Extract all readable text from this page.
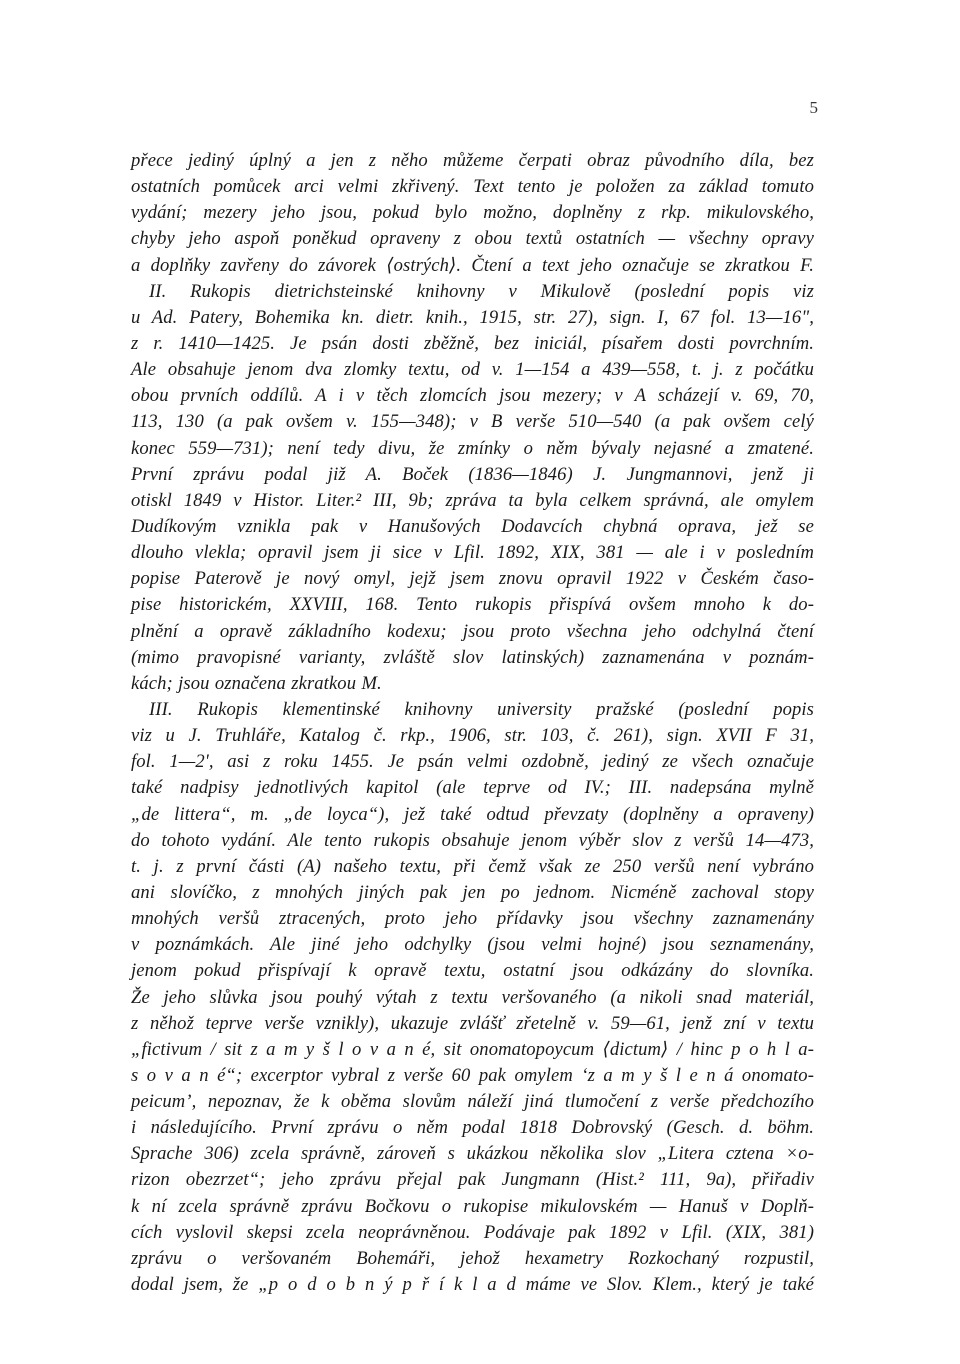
5
přece jediný úplný a jen z něho můžeme čerpati obraz původního díla, bez
ostatních pomůcek arci velmi zkřivený. Text tento je položen za základ tomuto
vydání; mezery jeho jsou, pokud bylo možno, doplněny z rkp. mikulovského,
chyby jeho aspoň poněkud opraveny z obou textů ostatních — všechny opravy
a doplňky zavřeny do závorek ⟨ostrých⟩. Čtení a text jeho označuje se zkratkou F.
II. Rukopis dietrichsteinské knihovny v Mikulově (poslední popis viz
u Ad. Patery, Bohemika kn. dietr. knih., 1915, str. 27), sign. I, 67 fol. 13—16",
z r. 1410—1425. Je psán dosti zběžně, bez iniciál, písařem dosti povrchním.
Ale obsahuje jenom dva zlomky textu, od v. 1—154 a 439—558, t. j. z počátku
obou prvních oddílů. A i v těch zlomcích jsou mezery; v A scházejí v. 69, 70,
113, 130 (a pak ovšem v. 155—348); v B verše 510—540 (a pak ovšem celý
konec 559—731); není tedy divu, že zmínky o něm bývaly nejasné a zmatené.
První zprávu podal již A. Boček (1836—1846) J. Jungmannovi, jenž ji
otiskl 1849 v Histor. Liter.² III, 9b; zpráva ta byla celkem správná, ale omylem
Dudíkovým vznikla pak v Hanušových Dodavcích chybná oprava, jež se
dlouho vlekla; opravil jsem ji sice v Lfil. 1892, XIX, 381 — ale i v posledním
popise Paterově je nový omyl, jejž jsem znovu opravil 1922 v Českém časo-
pise historickém, XXVIII, 168. Tento rukopis přispívá ovšem mnoho k do-
plnění a opravě základního kodexu; jsou proto všechna jeho odchylná čtení
(mimo pravopisné varianty, zvláště slov latinských) zaznamenána v poznám-
kách; jsou označena zkratkou M.
III. Rukopis klementinské knihovny university pražské (poslední popis
viz u J. Truhláře, Katalog č. rkp., 1906, str. 103, č. 261), sign. XVII F 31,
fol. 1—2', asi z roku 1455. Je psán velmi ozdobně, jediný ze všech označuje
také nadpisy jednotlivých kapitol (ale teprve od IV.; III. nadepsána mylně
„de littera“, m. „de loyca“), jež také odtud převzaty (doplněny a opraveny)
do tohoto vydání. Ale tento rukopis obsahuje jenom výběr slov z veršů 14—473,
t. j. z první části (A) našeho textu, při čemž však ze 250 veršů není vybráno
ani slovíčko, z mnohých jiných pak jen po jednom. Nicméně zachoval stopy
mnohých veršů ztracených, proto jeho přídavky jsou všechny zaznamenány
v poznámkách. Ale jiné jeho odchylky (jsou velmi hojné) jsou seznamenány,
jenom pokud přispívají k opravě textu, ostatní jsou odkázány do slovníka.
Že jeho slůvka jsou pouhý výtah z textu veršovaného (a nikoli snad materiál,
z něhož teprve verše vznikly), ukazuje zvlášť zřetelně v. 59—61, jenž zní v textu
„fictivum / sit z a m y š l o v a n é, sit onomatopoycum ⟨dictum⟩ / hinc p o h l a-
s o v a n é“; excerptor vybral z verše 60 pak omylem ‘z a m y š l e n á onomato-
peicum’, nepoznav, že k oběma slovům náleží jiná tlumočení z verše předchozího
i následujícího. První zprávu o něm podal 1818 Dobrovský (Gesch. d. böhm.
Sprache 306) zcela správně, zároveň s ukázkou několika slov „Litera cztena ×o-
rizon obezrzet“; jeho zprávu přejal pak Jungmann (Hist.² 111, 9a), přiřadiv
k ní zcela správně zprávu Bočkovu o rukopise mikulovském — Hanuš v Doplň-
cích vyslovil skepsi zcela neoprávněnou. Podávaje pak 1892 v Lfil. (XIX, 381)
zprávu o veršovaném Bohemáři, jehož hexametry Rozkochaný rozpustil,
dodal jsem, že „p o d o b n ý p ř í k l a d máme ve Slov. Klem., který je také
